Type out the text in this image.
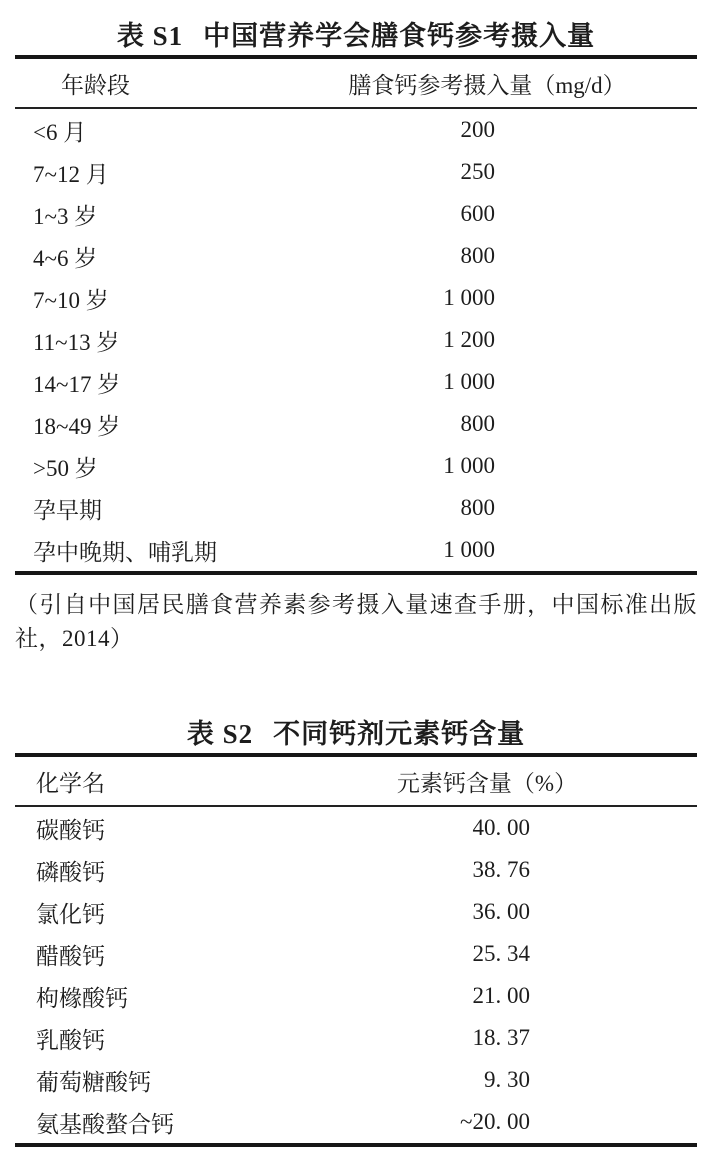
表 S1 中国营养学会膳食钙参考摄入量
年龄段	膳食钙参考摄入量（mg/d）
<6 月	200
7~12 月	250
1~3 岁	600
4~6 岁	800
7~10 岁	1 000
11~13 岁	1 200
14~17 岁	1 000
18~49 岁	800
>50 岁	1 000
孕早期	800
孕中晚期、哺乳期	1 000

（引自中国居民膳食营养素参考摄入量速查手册，中国标准出版社，2014）

表 S2 不同钙剂元素钙含量
化学名	元素钙含量（%）
碳酸钙	40. 00
磷酸钙	38. 76
氯化钙	36. 00
醋酸钙	25. 34
枸橼酸钙	21. 00
乳酸钙	18. 37
葡萄糖酸钙	9. 30
氨基酸螯合钙	~20. 00
